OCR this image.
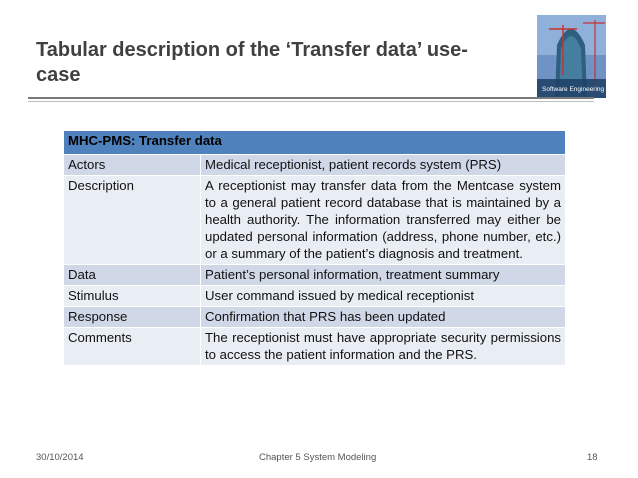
Tabular description of the ‘Transfer data’ use-case
Software Engineering
MHC-PMS: Transfer data	
Actors	Medical receptionist, patient records system (PRS)
Description	A receptionist may transfer data from the Mentcase system to a general patient record database that is maintained by a health authority. The information transferred may either be updated personal information (address, phone number, etc.) or a summary of the patient’s diagnosis and treatment.
Data	Patient’s personal information, treatment summary
Stimulus	User command issued by medical receptionist
Response	Confirmation that PRS has been updated
Comments	The receptionist must have appropriate security permissions to access the patient information and the PRS.
30/10/2014	Chapter 5 System Modeling	18
